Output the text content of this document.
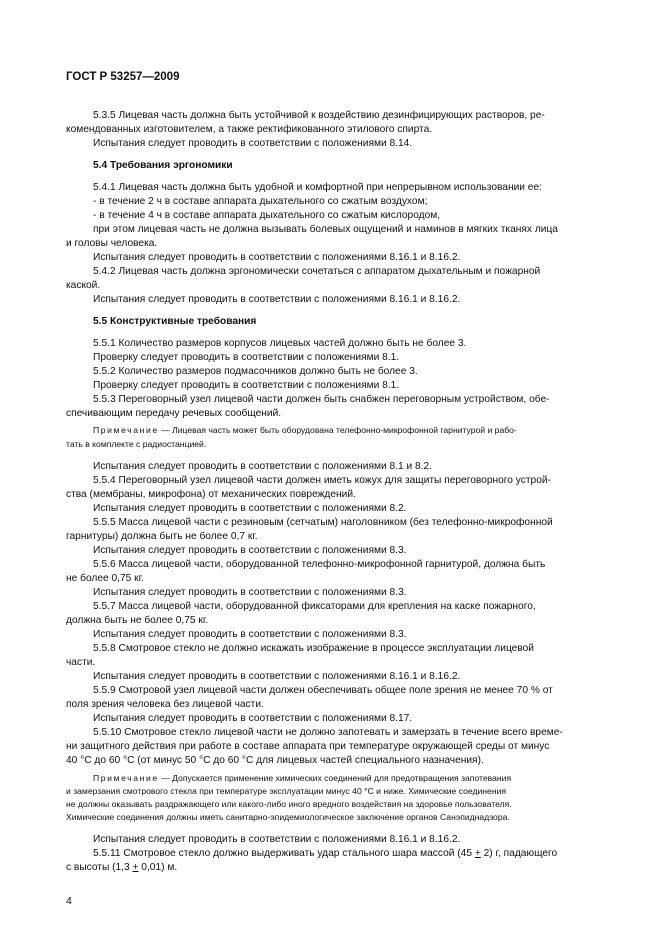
ГОСТ Р 53257—2009
5.3.5 Лицевая часть должна быть устойчивой к воздействию дезинфицирующих растворов, ре-
комендованных изготовителем, а также ректификованного этилового спирта.
Испытания следует проводить в соответствии с положениями 8.14.
5.4 Требования эргономики
5.4.1 Лицевая часть должна быть удобной и комфортной при непрерывном использовании ее:
- в течение 2 ч в составе аппарата дыхательного со сжатым воздухом;
- в течение 4 ч в составе аппарата дыхательного со сжатым кислородом,
при этом лицевая часть не должна вызывать болевых ощущений и наминов в мягких тканях лица
и головы человека.
Испытания следует проводить в соответствии с положениями 8.16.1 и 8.16.2.
5.4.2 Лицевая часть должна эргономически сочетаться с аппаратом дыхательным и пожарной
каской.
Испытания следует проводить в соответствии с положениями 8.16.1 и 8.16.2.
5.5 Конструктивные требования
5.5.1 Количество размеров корпусов лицевых частей должно быть не более 3.
Проверку следует проводить в соответствии с положениями 8.1.
5.5.2 Количество размеров подмасочников должно быть не более 3.
Проверку следует проводить в соответствии с положениями 8.1.
5.5.3 Переговорный узел лицевой части должен быть снабжен переговорным устройством, обе-
спечивающим передачу речевых сообщений.
Примечание — Лицевая часть может быть оборудована телефонно-микрофонной гарнитурой и рабо-
тать в комплекте с радиостанцией.
Испытания следует проводить в соответствии с положениями 8.1 и 8.2.
5.5.4 Переговорный узел лицевой части должен иметь кожух для защиты переговорного устрой-
ства (мембраны, микрофона) от механических повреждений.
Испытания следует проводить в соответствии с положениями 8.2.
5.5.5 Масса лицевой части с резиновым (сетчатым) наголовником (без телефонно-микрофонной
гарнитуры) должна быть не более 0,7 кг.
Испытания следует проводить в соответствии с положениями 8.3.
5.5.6 Масса лицевой части, оборудованной телефонно-микрофонной гарнитурой, должна быть
не более 0,75 кг.
Испытания следует проводить в соответствии с положениями 8.3.
5.5.7 Масса лицевой части, оборудованной фиксаторами для крепления на каске пожарного,
должна быть не более 0,75 кг.
Испытания следует проводить в соответствии с положениями 8.3.
5.5.8 Смотровое стекло не должно искажать изображение в процессе эксплуатации лицевой
части.
Испытания следует проводить в соответствии с положениями 8.16.1 и 8.16.2.
5.5.9 Смотровой узел лицевой части должен обеспечивать общее поле зрения не менее 70 % от
поля зрения человека без лицевой части.
Испытания следует проводить в соответствии с положениями 8.17.
5.5.10 Смотровое стекло лицевой части не должно запотевать и замерзать в течение всего време-
ни защитного действия при работе в составе аппарата при температуре окружающей среды от минус
40 °С до 60 °С (от минус 50 °С до 60 °С для лицевых частей специального назначения).
Примечание — Допускается применение химических соединений для предотвращения запотевания
и замерзания смотрового стекла при температуре эксплуатации минус 40 °С и ниже. Химические соединения
не должны оказывать раздражающего или какого-либо иного вредного воздействия на здоровье пользователя.
Химические соединения должны иметь санитарно-эпидемиологическое заключение органов Санэпиднадзора.
Испытания следует проводить в соответствии с положениями 8.16.1 и 8.16.2.
5.5.11 Смотровое стекло должно выдерживать удар стального шара массой (45 + 2) г, падающего
с высоты (1,3 + 0,01) м.
4
